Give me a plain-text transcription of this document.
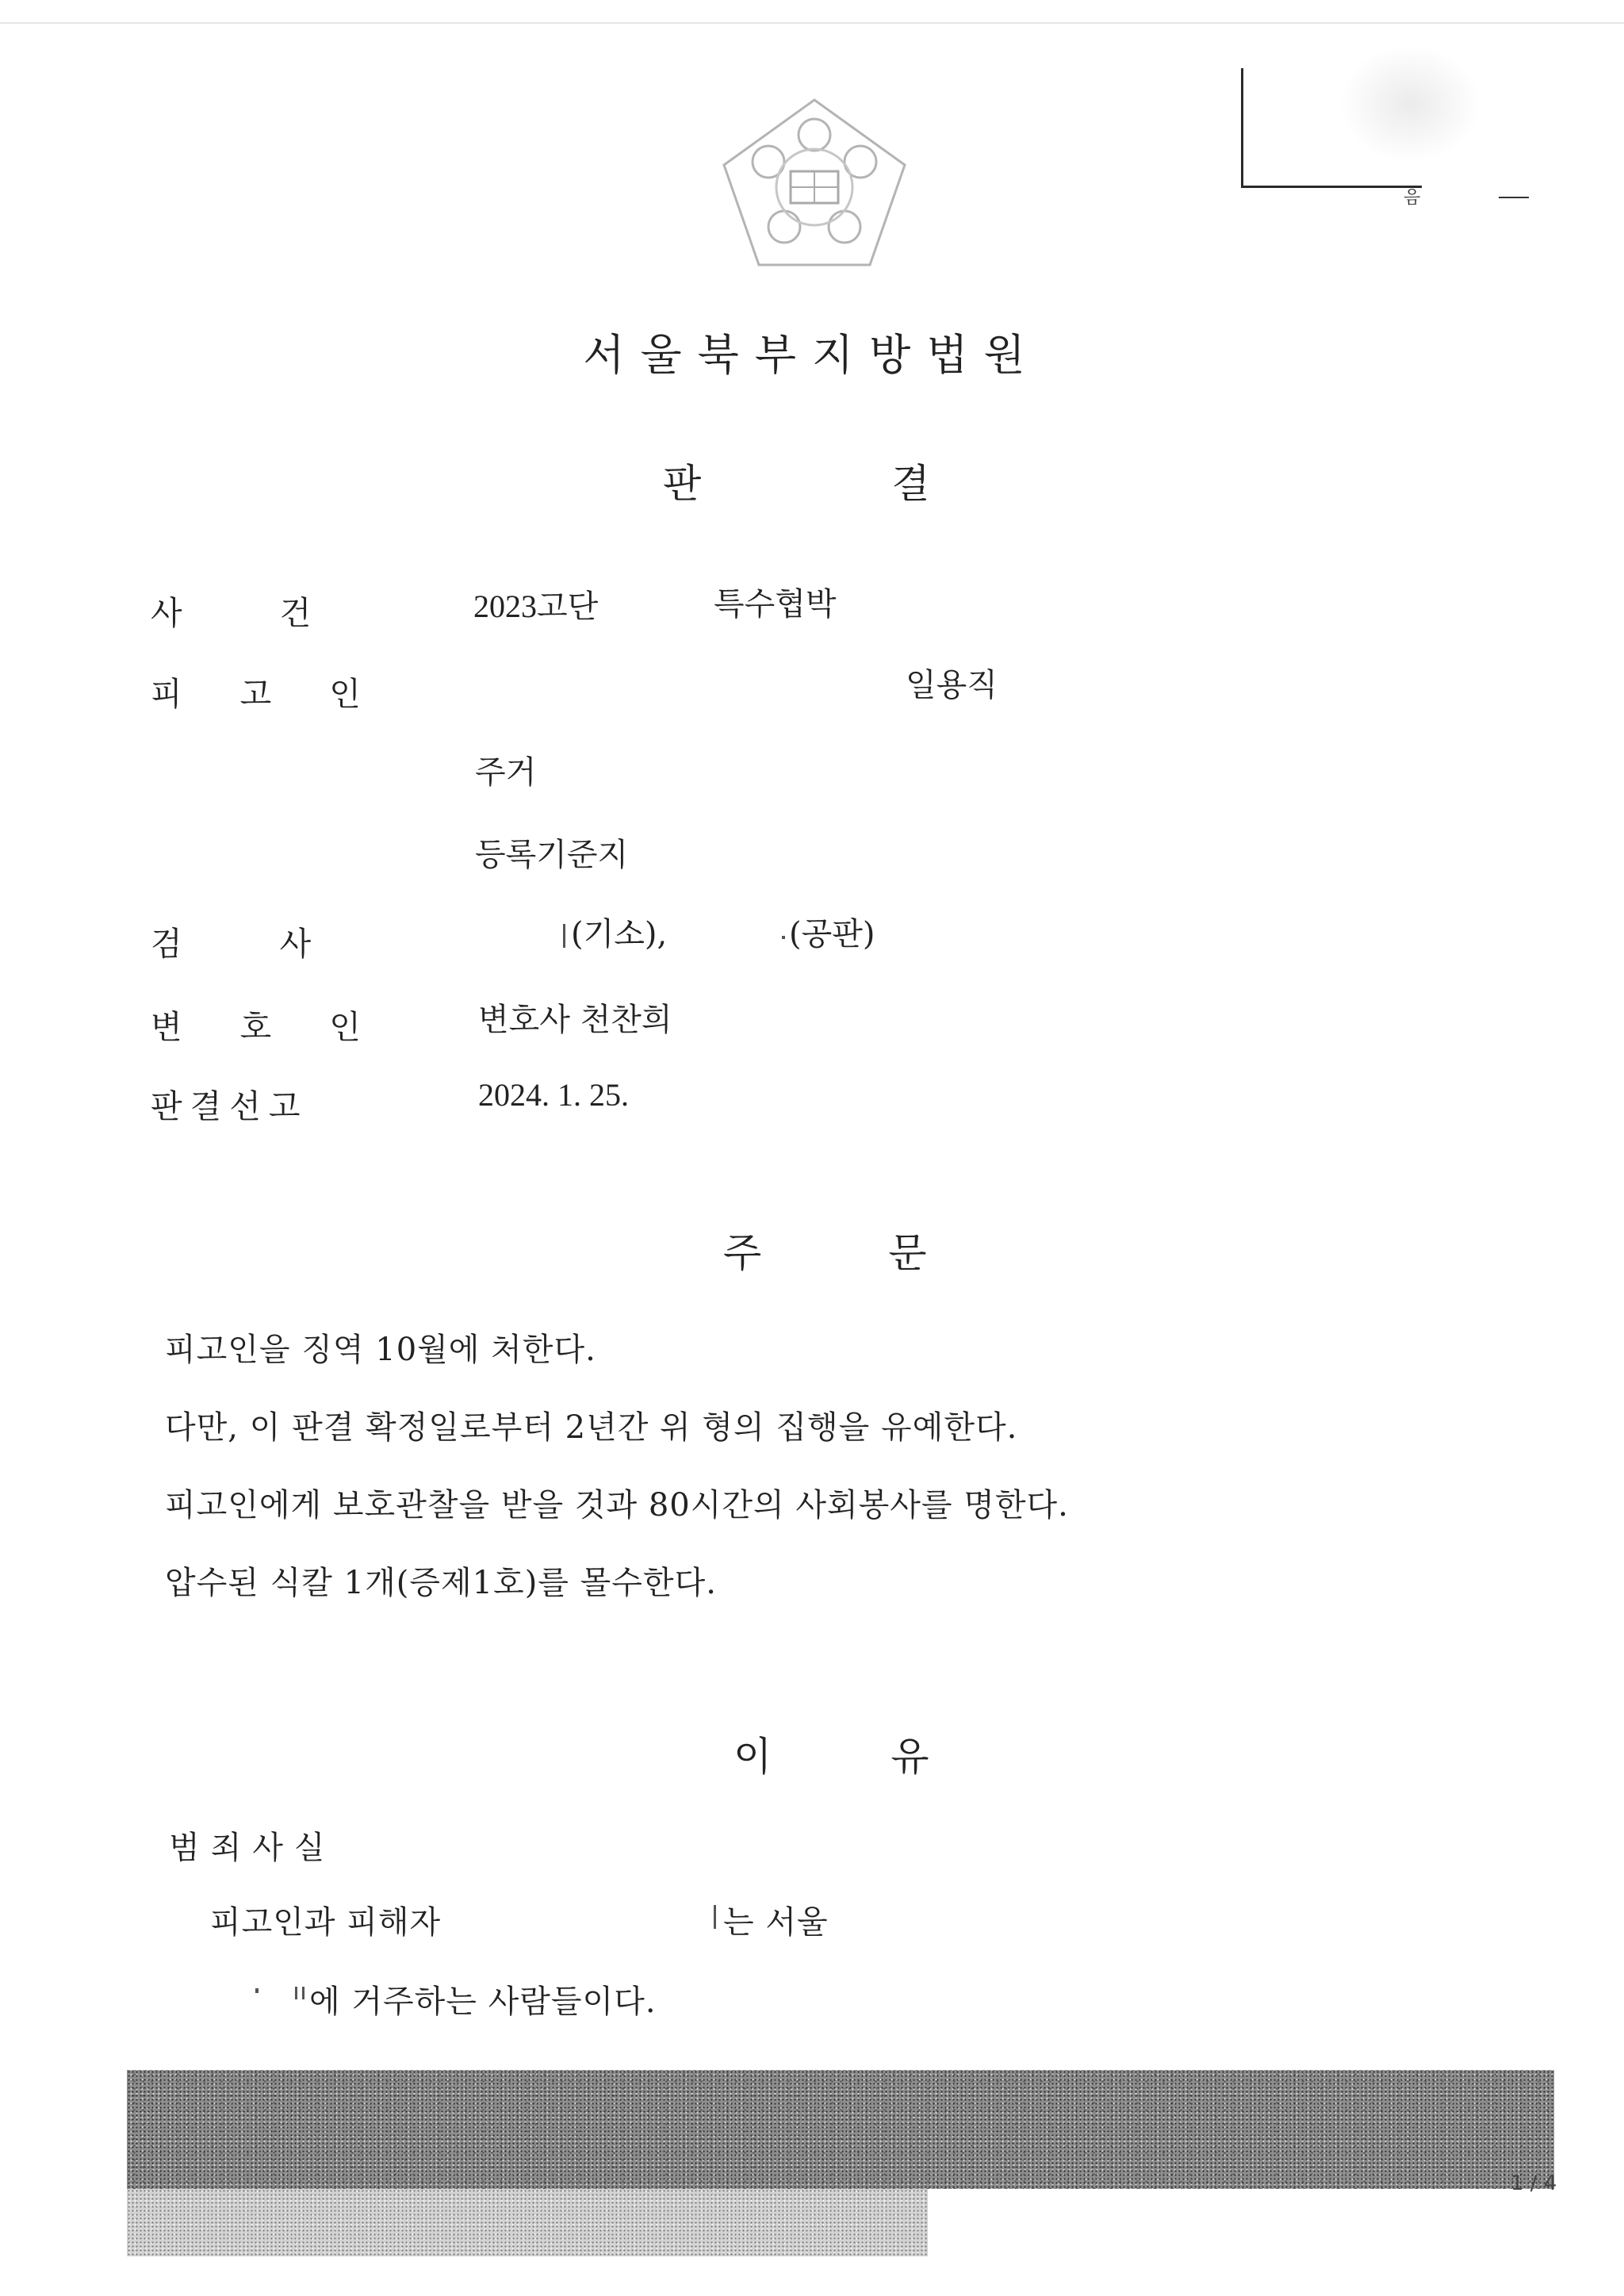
음
서울북부지방법원
판결
사 건	2023고단	특수협박
피 고 인	일용직
주거
등록기준지
검 사	(기소),	(공판)
변 호 인	변호사 천찬희
판결선고	2024. 1. 25.
주문
피고인을 징역 10월에 처한다.
다만, 이 판결 확정일로부터 2년간 위 형의 집행을 유예한다.
피고인에게 보호관찰을 받을 것과 80시간의 사회봉사를 명한다.
압수된 식칼 1개(증제1호)를 몰수한다.
이유
범죄사실
피고인과 피해자	는 서울
에 거주하는 사람들이다.
1 / 4
